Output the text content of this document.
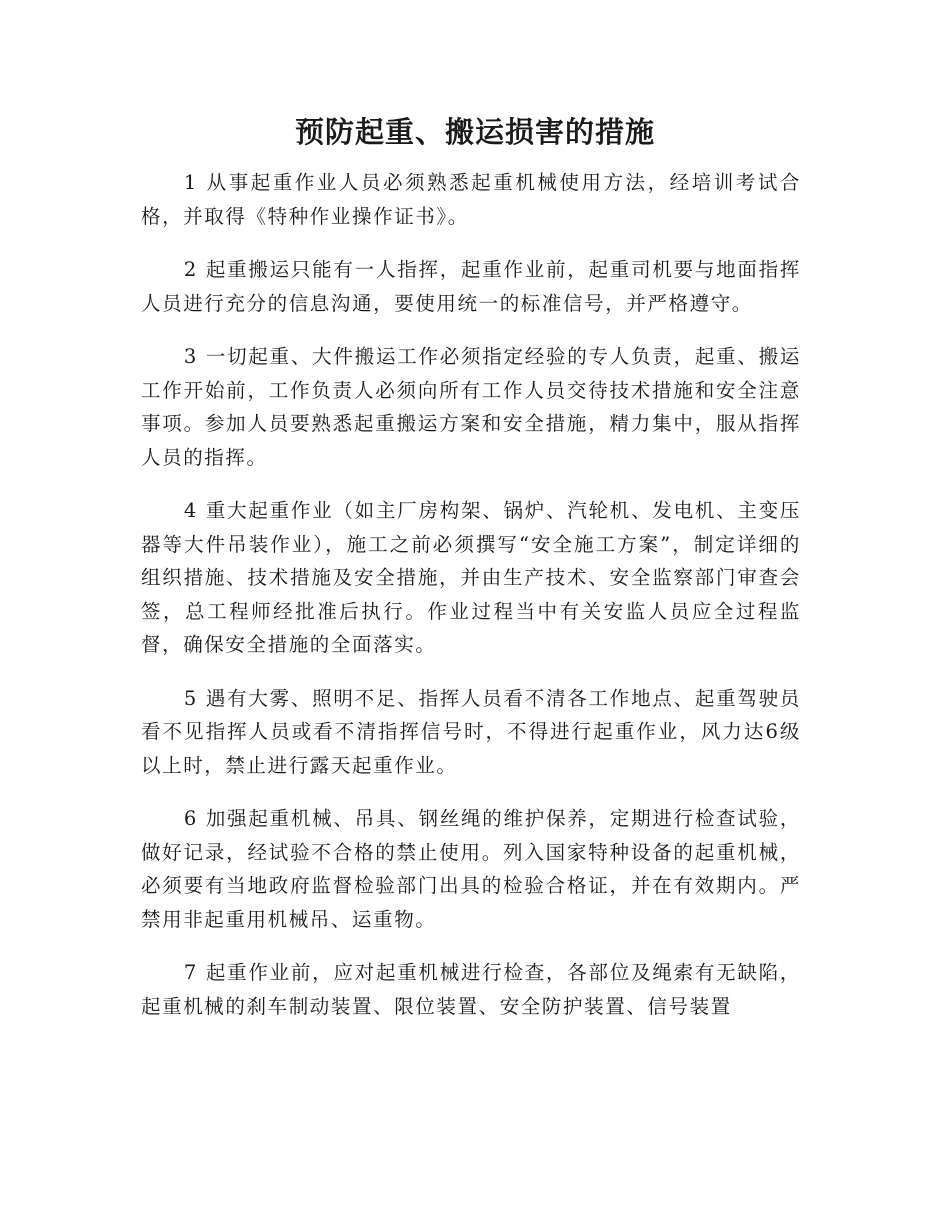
预防起重、搬运损害的措施

1 从事起重作业人员必须熟悉起重机械使用方法，经培训考试合格，并取得《特种作业操作证书》。

2 起重搬运只能有一人指挥，起重作业前，起重司机要与地面指挥人员进行充分的信息沟通，要使用统一的标准信号，并严格遵守。

3 一切起重、大件搬运工作必须指定经验的专人负责，起重、搬运工作开始前，工作负责人必须向所有工作人员交待技术措施和安全注意事项。参加人员要熟悉起重搬运方案和安全措施，精力集中，服从指挥人员的指挥。

4 重大起重作业（如主厂房构架、锅炉、汽轮机、发电机、主变压器等大件吊装作业），施工之前必须撰写“安全施工方案”，制定详细的组织措施、技术措施及安全措施，并由生产技术、安全监察部门审查会签，总工程师经批准后执行。作业过程当中有关安监人员应全过程监督，确保安全措施的全面落实。

5 遇有大雾、照明不足、指挥人员看不清各工作地点、起重驾驶员看不见指挥人员或看不清指挥信号时，不得进行起重作业，风力达6级以上时，禁止进行露天起重作业。

6 加强起重机械、吊具、钢丝绳的维护保养，定期进行检查试验，做好记录，经试验不合格的禁止使用。列入国家特种设备的起重机械，必须要有当地政府监督检验部门出具的检验合格证，并在有效期内。严禁用非起重用机械吊、运重物。

7 起重作业前，应对起重机械进行检查，各部位及绳索有无缺陷，起重机械的刹车制动装置、限位装置、安全防护装置、信号装置
